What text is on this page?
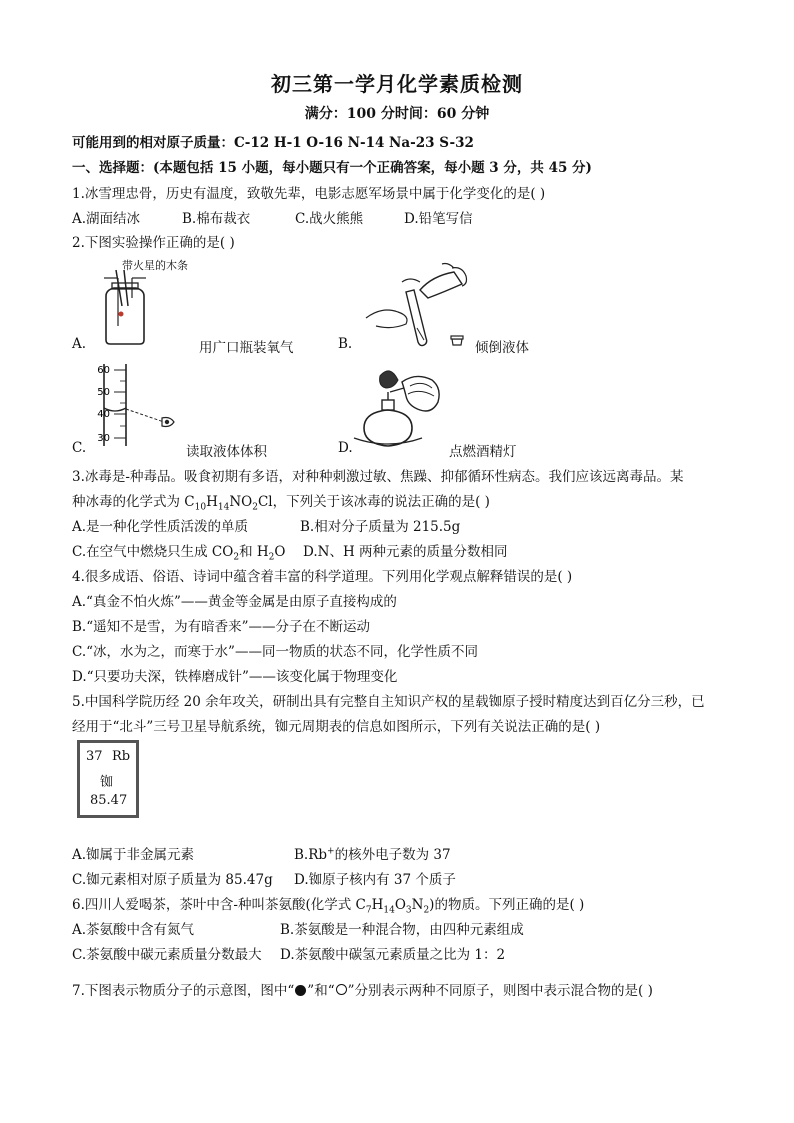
初三第一学月化学素质检测
满分：100 分时间：60 分钟
可能用到的相对原子质量：C-12 H-1 O-16 N-14 Na-23 S-32
一、选择题：(本题包括 15 小题，每小题只有一个正确答案，每小题 3 分，共 45 分)
1.冰雪理忠骨，历史有温度，致敬先辈，电影志愿军场景中属于化学变化的是( )
A.湖面结冰	B.棉布裁衣	C.战火熊熊	D.铅笔写信
2.下图实验操作正确的是( )
带火星的木条
A.	用广口瓶装氧气	B.	倾倒液体
60
50
40
30
C.	读取液体体积	D.	点燃酒精灯
3.冰毒是-种毒品。吸食初期有多语，对种种刺激过敏、焦躁、抑郁循环性病态。我们应该远离毒品。某
种冰毒的化学式为 $C_{10}H_{14}NO_2Cl$，下列关于该冰毒的说法正确的是( )
A.是一种化学性质活泼的单质	B.相对分子质量为 215.5g
C.在空气中燃烧只生成 $CO_2$和 $H_2O$ D.N、H 两种元素的质量分数相同
4.很多成语、俗语、诗词中蕴含着丰富的科学道理。下列用化学观点解释错误的是( )
A.“真金不怕火炼”——黄金等金属是由原子直接构成的
B.“遥知不是雪，为有暗香来”——分子在不断运动
C.“冰，水为之，而寒于水”——同一物质的状态不同，化学性质不同
D.“只要功夫深，铁棒磨成针”——该变化属于物理变化
5.中国科学院历经 20 余年攻关，研制出具有完整自主知识产权的星载铷原子授时精度达到百亿分三秒，已
经用于“北斗”三号卫星导航系统，铷元周期表的信息如图所示，下列有关说法正确的是( )
37 Rb
铷
85.47
A.铷属于非金属元素	B.Rb+的核外电子数为 37
C.铷元素相对原子质量为 85.47g D.铷原子核内有 37 个质子
6.四川人爱喝茶，茶叶中含-种叫茶氨酸(化学式 $C_7H_{14}O_3N_2$)的物质。下列正确的是( )
A.茶氨酸中含有氮气	B.茶氨酸是一种混合物，由四种元素组成
C.茶氨酸中碳元素质量分数最大 D.茶氨酸中碳氢元素质量之比为 1：2
7.下图表示物质分子的示意图，图中“ ”和“ ”分别表示两种不同原子，则图中表示混合物的是( )
